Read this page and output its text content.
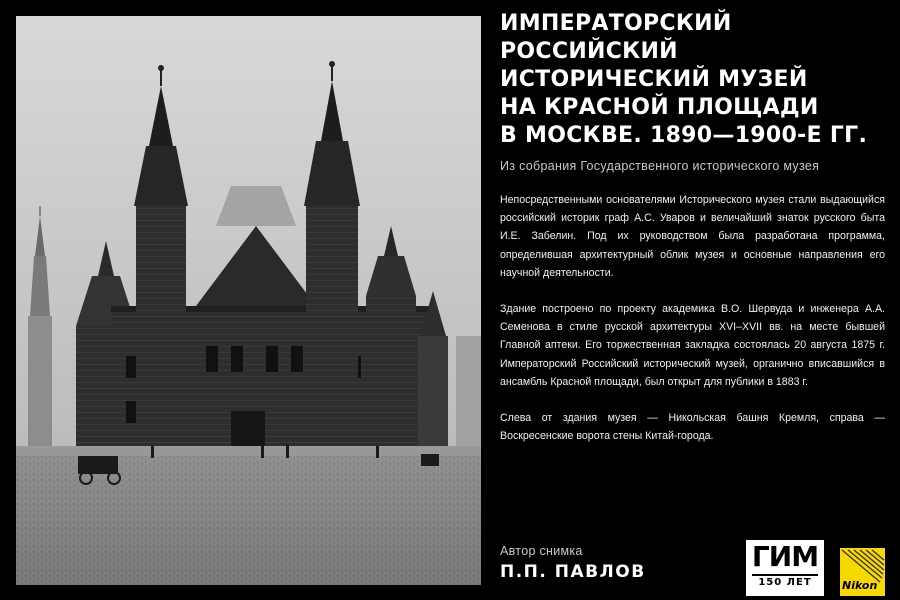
ИМПЕРАТОРСКИЙ
РОССИЙСКИЙ
ИСТОРИЧЕСКИЙ МУЗЕЙ
НА КРАСНОЙ ПЛОЩАДИ
В МОСКВЕ. 1890—1900-Е ГГ.
Из собрания Государственного исторического музея

Непосредственными основателями Исторического музея стали выдающийся российский историк граф А.С. Уваров и величайший знаток русского быта И.Е. Забелин. Под их руководством была разработана программа, определившая архитектурный облик музея и основные направления его научной деятельности.

Здание построено по проекту академика В.О. Шервуда и инженера А.А. Семенова в стиле русской архитектуры XVI–XVII вв. на месте бывшей Главной аптеки. Его торжественная закладка состоялась 20 августа 1875 г. Императорский Российский исторический музей, органично вписавшийся в ансамбль Красной площади, был открыт для публики в 1883 г.

Слева от здания музея — Никольская башня Кремля, справа — Воскресенские ворота стены Китай-города.

Автор снимка
П.П. ПАВЛОВ	ГИМ
150 ЛЕТ	Nikon
